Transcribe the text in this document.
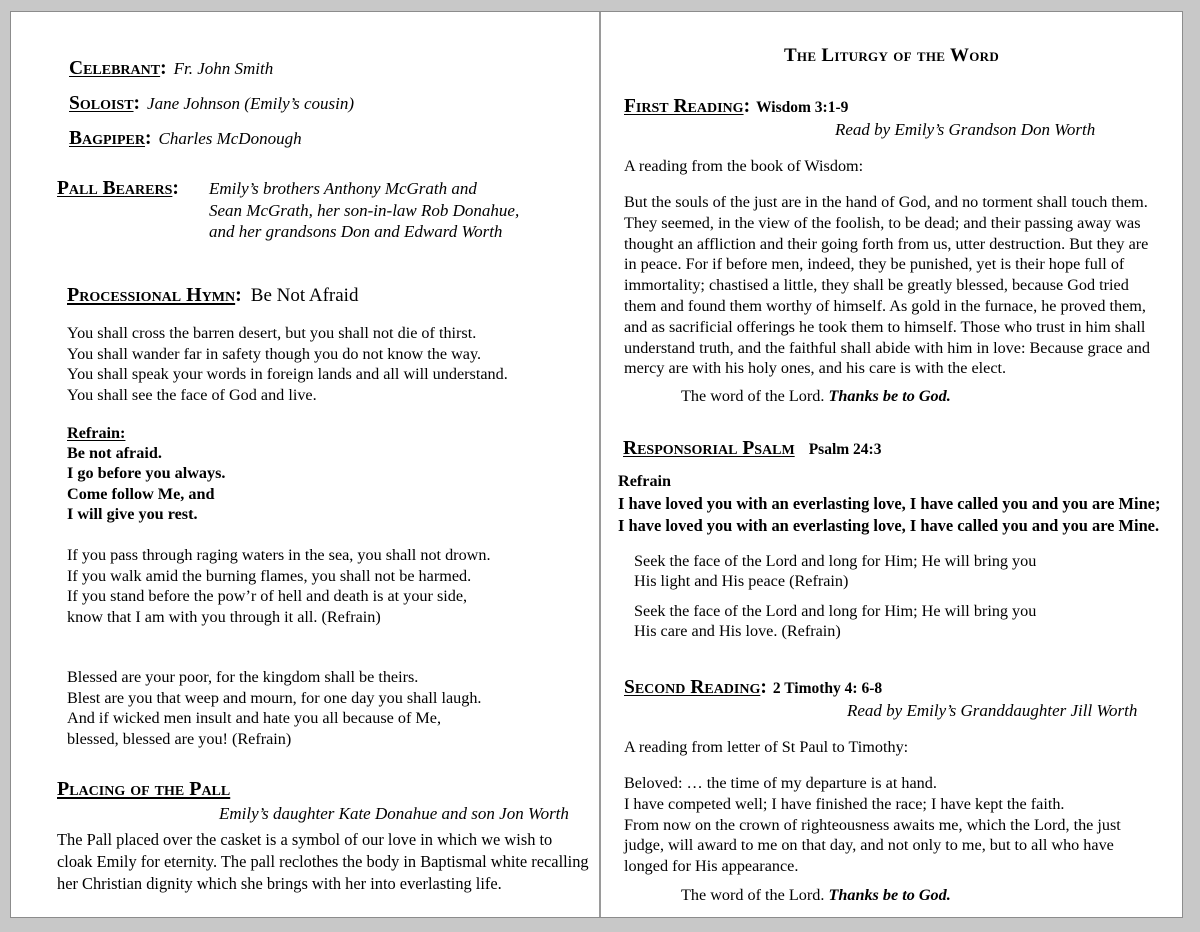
Celebrant: Fr. John Smith
Soloist: Jane Johnson (Emily’s cousin)
Bagpiper: Charles McDonough
Pall Bearers:	Emily’s brothers Anthony McGrath and
Sean McGrath, her son-in-law Rob Donahue,
and her grandsons Don and Edward Worth
Processional Hymn: Be Not Afraid
You shall cross the barren desert, but you shall not die of thirst.
You shall wander far in safety though you do not know the way.
You shall speak your words in foreign lands and all will understand.
You shall see the face of God and live.
Refrain:
Be not afraid.
I go before you always.
Come follow Me, and
I will give you rest.
If you pass through raging waters in the sea, you shall not drown.
If you walk amid the burning flames, you shall not be harmed.
If you stand before the pow’r of hell and death is at your side,
know that I am with you through it all. (Refrain)
Blessed are your poor, for the kingdom shall be theirs.
Blest are you that weep and mourn, for one day you shall laugh.
And if wicked men insult and hate you all because of Me,
blessed, blessed are you! (Refrain)
Placing of the Pall
Emily’s daughter Kate Donahue and son Jon Worth
The Pall placed over the casket is a symbol of our love in which we wish to cloak Emily for eternity. The pall reclothes the body in Baptismal white recalling her Christian dignity which she brings with her into everlasting life.
The Liturgy of the Word
First Reading: Wisdom 3:1-9
Read by Emily’s Grandson Don Worth
A reading from the book of Wisdom:
But the souls of the just are in the hand of God, and no torment shall touch them. They seemed, in the view of the foolish, to be dead; and their passing away was thought an affliction and their going forth from us, utter destruction. But they are in peace. For if before men, indeed, they be punished, yet is their hope full of immortality; chastised a little, they shall be greatly blessed, because God tried them and found them worthy of himself. As gold in the furnace, he proved them, and as sacrificial offerings he took them to himself. Those who trust in him shall understand truth, and the faithful shall abide with him in love: Because grace and mercy are with his holy ones, and his care is with the elect.
The word of the Lord. Thanks be to God.
Responsorial Psalm Psalm 24:3
Refrain
I have loved you with an everlasting love, I have called you and you are Mine;
I have loved you with an everlasting love, I have called you and you are Mine.
Seek the face of the Lord and long for Him; He will bring you
His light and His peace (Refrain)
Seek the face of the Lord and long for Him; He will bring you
His care and His love. (Refrain)
Second Reading: 2 Timothy 4: 6-8
Read by Emily’s Granddaughter Jill Worth
A reading from letter of St Paul to Timothy:
Beloved: … the time of my departure is at hand.
I have competed well; I have finished the race; I have kept the faith.
From now on the crown of righteousness awaits me, which the Lord, the just
judge, will award to me on that day, and not only to me, but to all who have
longed for His appearance.
The word of the Lord. Thanks be to God.
